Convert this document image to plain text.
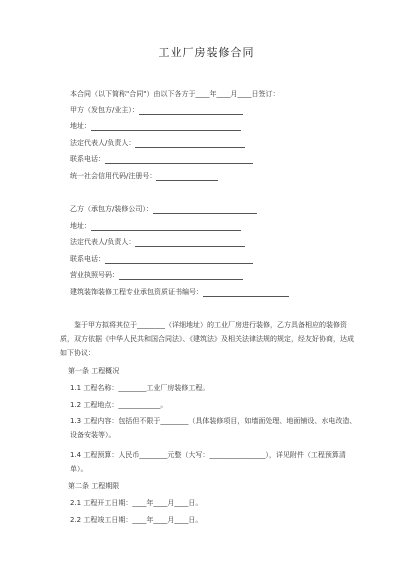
工业厂房装修合同
本合同（以下简称"合同"）由以下各方于____年____月____日签订：
甲方（发包方/业主）：
地址：
法定代表人/负责人：
联系电话：
统一社会信用代码/注册号：
乙方（承包方/装修公司）：
地址：
法定代表人/负责人：
联系电话：
营业执照号码：
建筑装饰装修工程专业承包资质证书编号：
鉴于甲方拟将其位于________（详细地址）的工业厂房进行装修，乙方具备相应的装修资质，双方依据《中华人民共和国合同法》、《建筑法》及相关法律法规的规定，经友好协商，达成如下协议：
第一条 工程概况
1.1 工程名称：________工业厂房装修工程。
1.2 工程地点：____________。
1.3 工程内容：包括但不限于________（具体装修项目，如墙面处理、地面铺设、水电改造、设备安装等）。
1.4 工程预算：人民币________元整（大写：________________），详见附件（工程预算清单）。
第二条 工程期限
2.1 工程开工日期：____年____月____日。
2.2 工程竣工日期：____年____月____日。
